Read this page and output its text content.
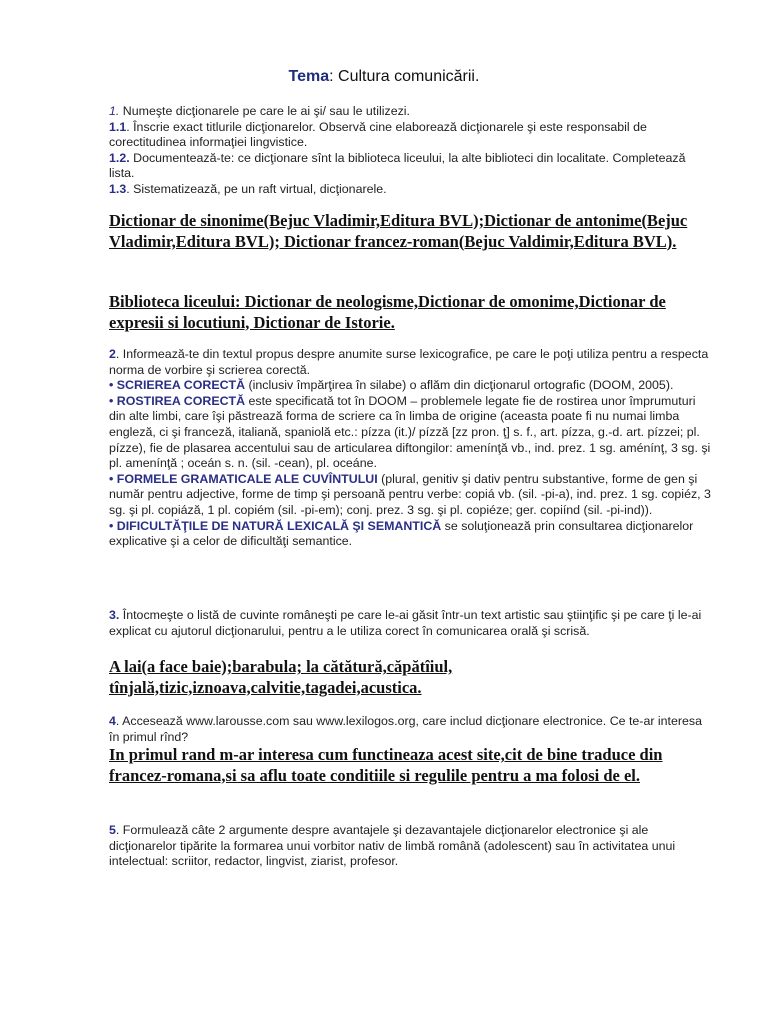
Tema: Cultura comunicării.

1. Numeşte dicţionarele pe care le ai şi/ sau le utilizezi.

1.1. Înscrie exact titlurile dicţionarelor. Observă cine elaborează dicţionarele şi este responsabil de corectitudinea informaţiei lingvistice.

1.2. Documentează-te: ce dicţionare sînt la biblioteca liceului, la alte biblioteci din localitate. Completează lista.

1.3. Sistematizează, pe un raft virtual, dicţionarele.

Dictionar de sinonime(Bejuc Vladimir,Editura BVL);Dictionar de antonime(Bejuc Vladimir,Editura BVL); Dictionar francez-roman(Bejuc Valdimir,Editura BVL).
Biblioteca liceului: Dictionar de neologisme,Dictionar de omonime,Dictionar de expresii si locutiuni, Dictionar de Istorie.

2. Informează-te din textul propus despre anumite surse lexicografice, pe care le poţi utiliza pentru a respecta norma de vorbire şi scrierea corectă.

• SCRIEREA CORECTĂ (inclusiv împărţirea în silabe) o aflăm din dicţionarul ortografic (DOOM, 2005).

• ROSTIREA CORECTĂ este specificată tot în DOOM – problemele legate fie de rostirea unor împrumuturi din alte limbi, care îşi păstrează forma de scriere ca în limba de origine (aceasta poate fi nu numai limba engleză, ci şi franceză, italiană, spaniolă etc.: pízza (it.)/ pízză [zz pron. ţ] s. f., art. pízza, g.-d. art. pízzei; pl. pízze), fie de plasarea accentului sau de articularea diftongilor: amenínţă vb., ind. prez. 1 sg. aménínţ, 3 sg. şi pl. amenínţă ; oceán s. n. (sil. -cean), pl. oceáne.

• FORMELE GRAMATICALE ALE CUVÎNTULUI (plural, genitiv şi dativ pentru substantive, forme de gen şi număr pentru adjective, forme de timp şi persoană pentru verbe: copiá vb. (sil. -pi-a), ind. prez. 1 sg. copiéz, 3 sg. şi pl. copiáză, 1 pl. copiém (sil. -pi-em); conj. prez. 3 sg. şi pl. copiéze; ger. copiínd (sil. -pi-ind)).

• DIFICULTĂŢILE DE NATURĂ LEXICALĂ ŞI SEMANTICĂ se soluţionează prin consultarea dicţionarelor explicative şi a celor de dificultăţi semantice.

3. Întocmeşte o listă de cuvinte româneşti pe care le-ai găsit într-un text artistic sau ştiinţific şi pe care ţi le-ai explicat cu ajutorul dicţionarului, pentru a le utiliza corect în comunicarea orală şi scrisă.

A lai(a face baie);barabula; la cătătură,căpătîiul, tînjală,tizic,iznoava,calvitie,tagadei,acustica.

4. Accesează www.larousse.com sau www.lexilogos.org, care includ dicţionare electronice. Ce te-ar interesa în primul rînd?

In primul rand m-ar interesa cum functineaza acest site,cit de bine traduce din francez-romana,si sa aflu toate conditiile si regulile pentru a ma folosi de el.

5. Formulează câte 2 argumente despre avantajele şi dezavantajele dicţionarelor electronice şi ale dicţionarelor tipărite la formarea unui vorbitor nativ de limbă română (adolescent) sau în activitatea unui intelectual: scriitor, redactor, lingvist, ziarist, profesor.
